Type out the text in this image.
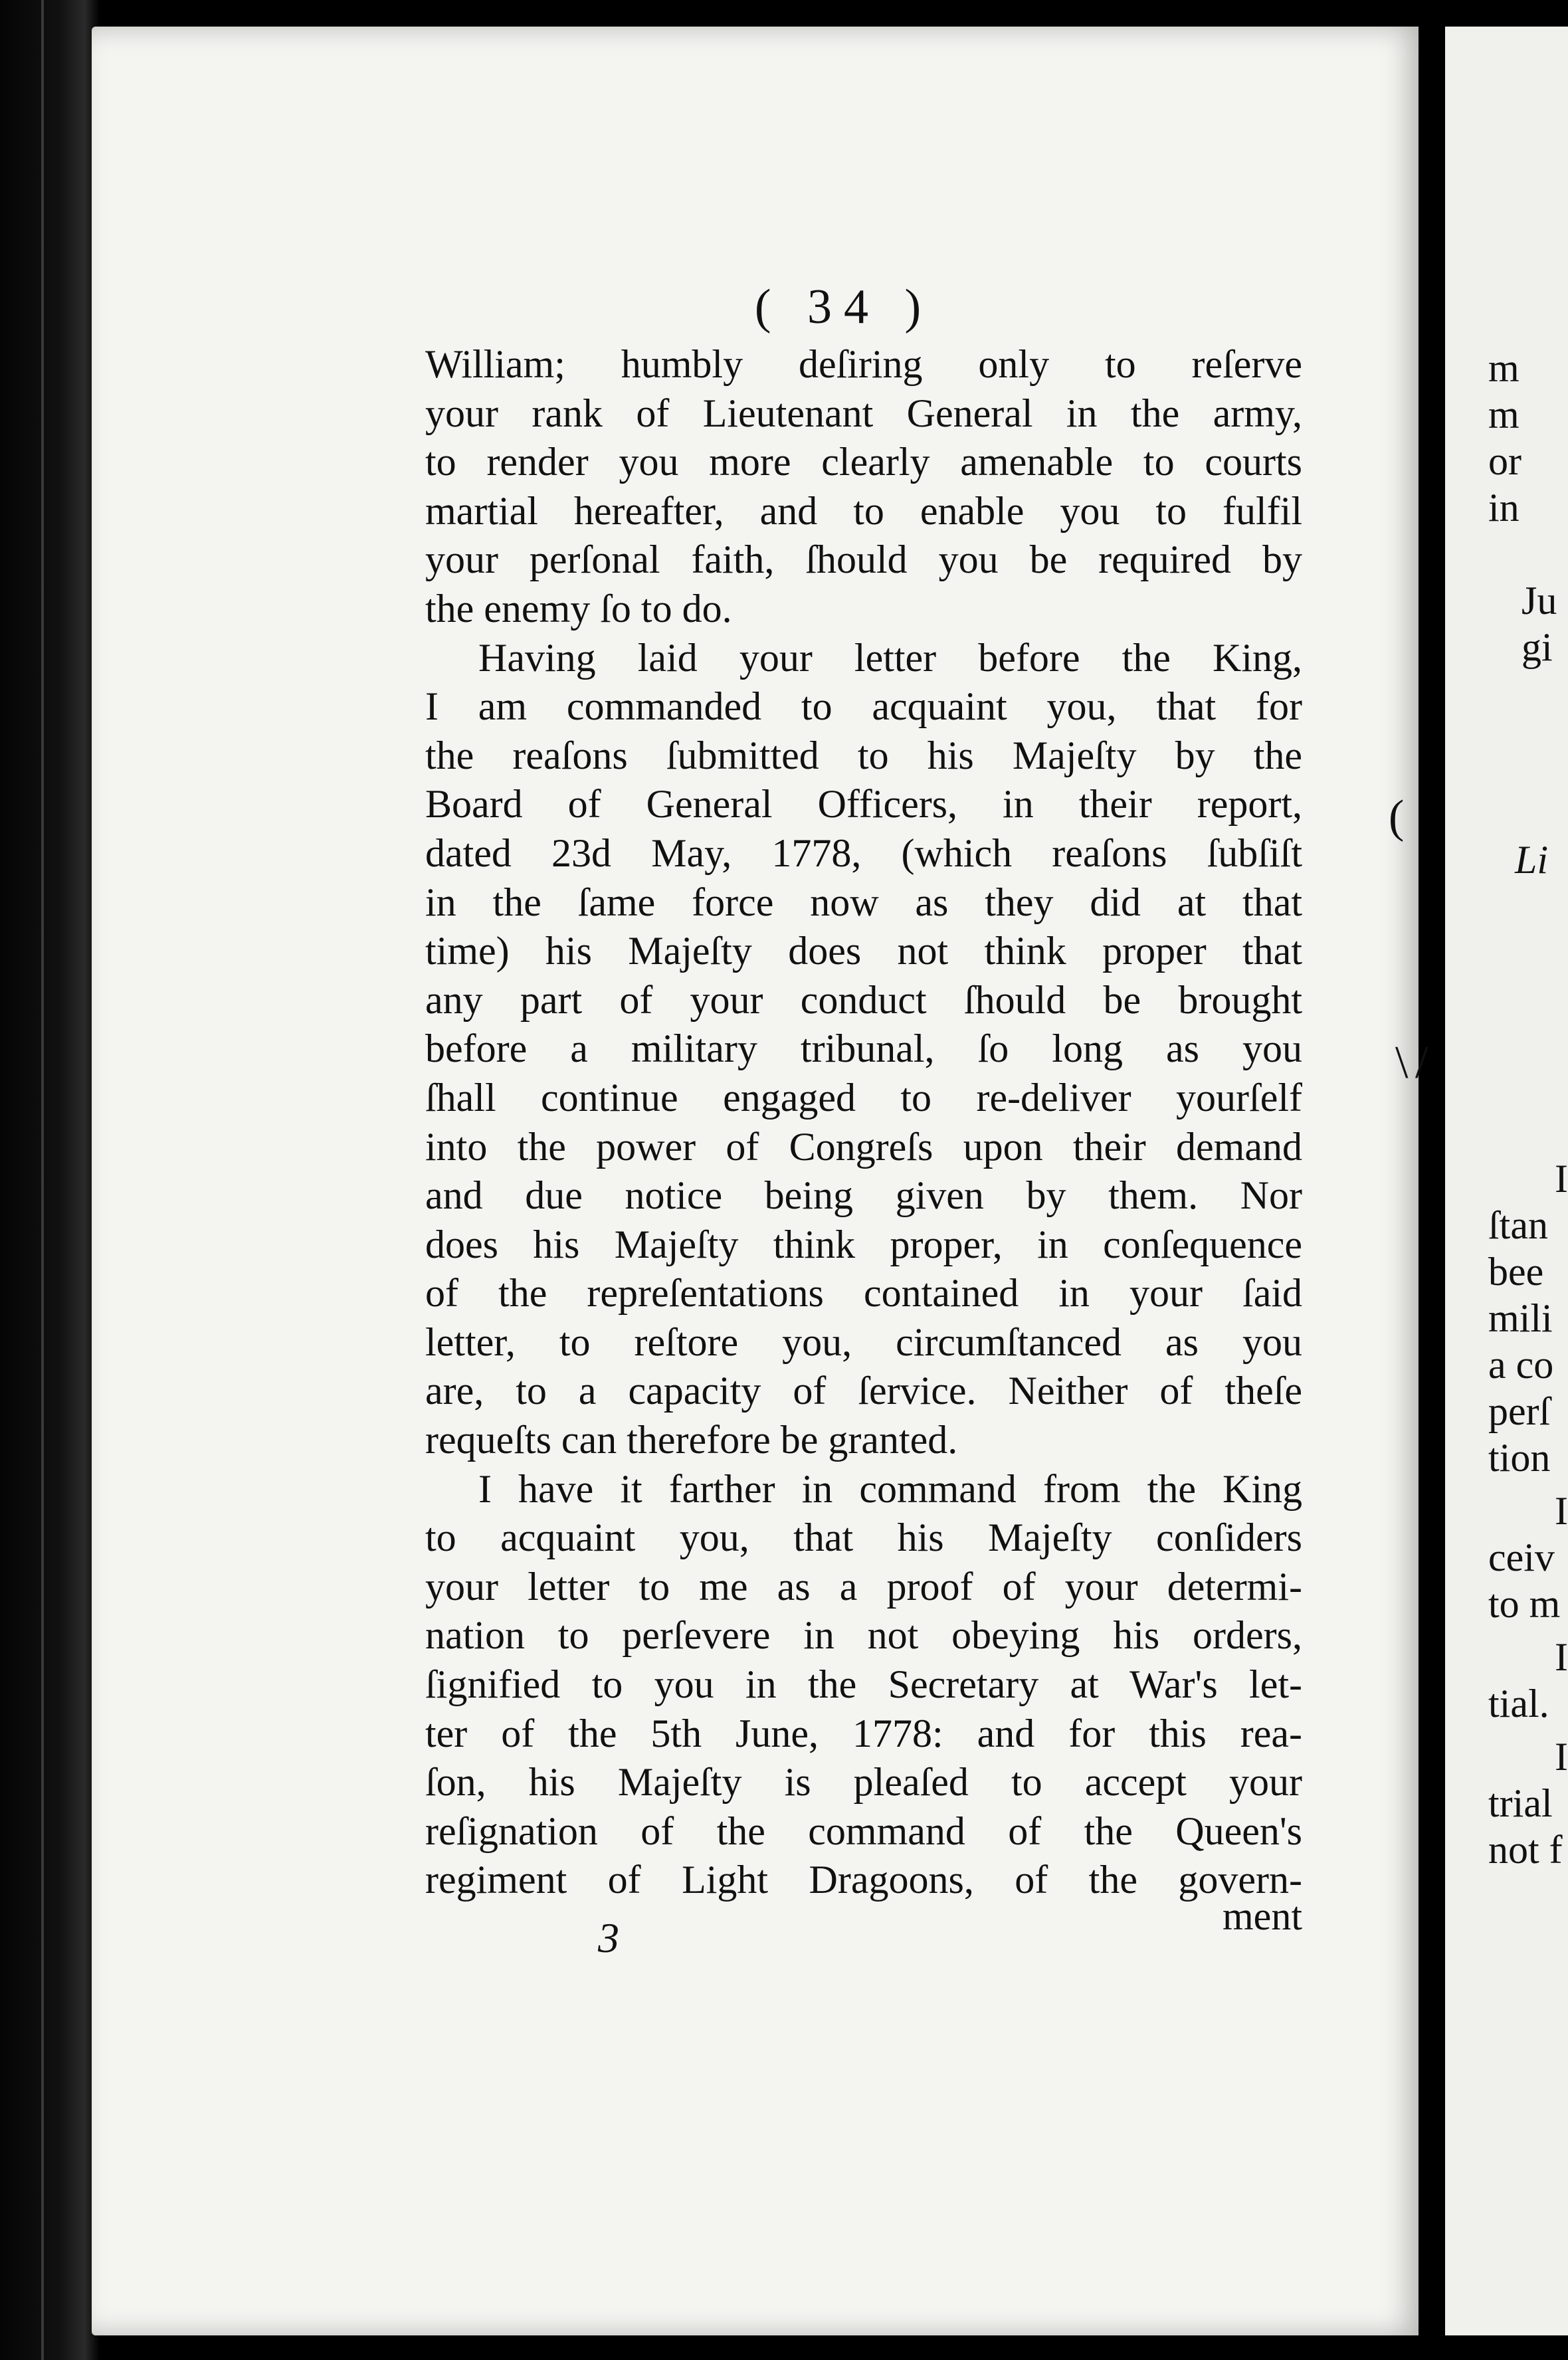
( 34 )
William; humbly deſiring only to reſerve
your rank of Lieutenant General in the army,
to render you more clearly amenable to courts
martial hereafter, and to enable you to fulfil
your perſonal faith, ſhould you be required by
the enemy ſo to do.
Having laid your letter before the King,
I am commanded to acquaint you, that for
the reaſons ſubmitted to his Majeſty by the
Board of General Officers, in their report,
dated 23d May, 1778, (which reaſons ſubſiſt
in the ſame force now as they did at that
time) his Majeſty does not think proper that
any part of your conduct ſhould be brought
before a military tribunal, ſo long as you
ſhall continue engaged to re-deliver yourſelf
into the power of Congreſs upon their demand
and due notice being given by them. Nor
does his Majeſty think proper, in conſequence
of the repreſentations contained in your ſaid
letter, to reſtore you, circumſtanced as you
are, to a capacity of ſervice. Neither of theſe
requeſts can therefore be granted.
I have it farther in command from the King
to acquaint you, that his Majeſty conſiders
your letter to me as a proof of your determi-
nation to perſevere in not obeying his orders,
ſignified to you in the Secretary at War's let-
ter of the 5th June, 1778: and for this rea-
ſon, his Majeſty is pleaſed to accept your
reſignation of the command of the Queen's
regiment of Light Dragoons, of the govern-
ment
3
(
\ /
m
m
or
in
Ju
gi
Li
I
ſtan
bee
mili
a co
perſ
tion
I
ceiv
to m
I
tial.
I
trial
not f
